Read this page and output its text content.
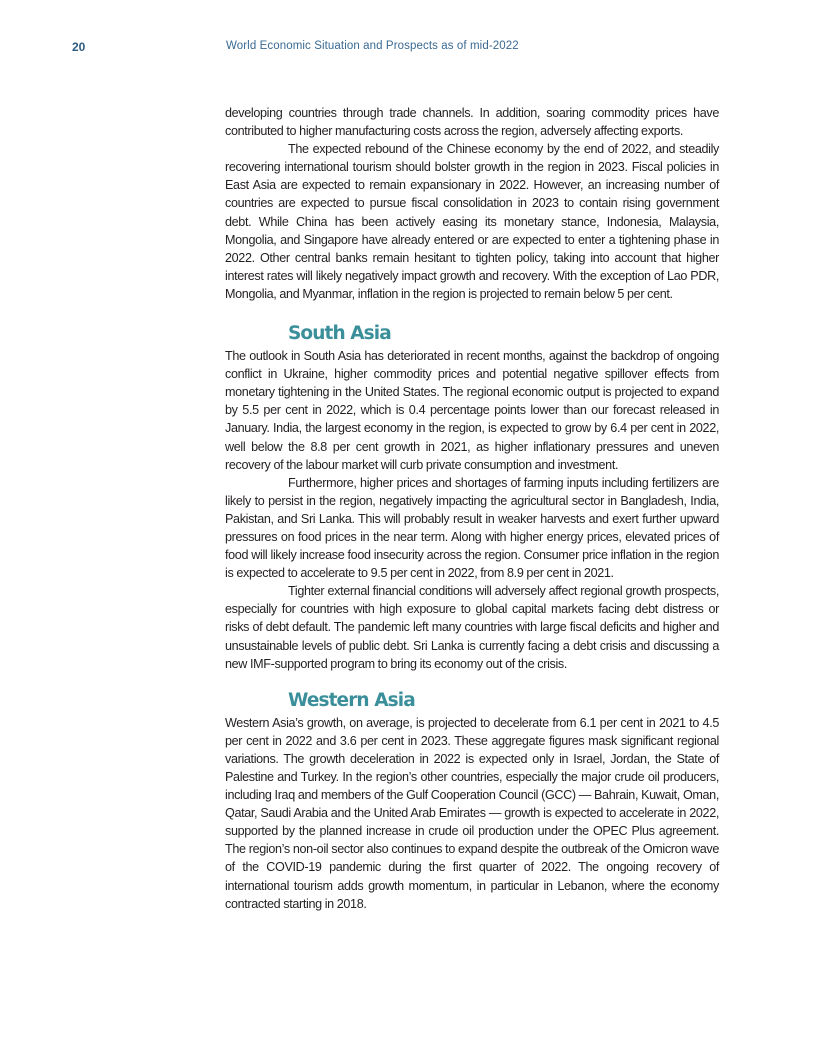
20	World Economic Situation and Prospects as of mid-2022

developing countries through trade channels. In addition, soaring commodity prices have contributed to higher manufacturing costs across the region, adversely affecting exports.

The expected rebound of the Chinese economy by the end of 2022, and steadily recovering international tourism should bolster growth in the region in 2023. Fiscal policies in East Asia are expected to remain expansionary in 2022. However, an increasing number of countries are expected to pursue fiscal consolidation in 2023 to contain rising government debt. While China has been actively easing its monetary stance, Indonesia, Malaysia, Mongolia, and Singapore have already entered or are expected to enter a tightening phase in 2022. Other central banks remain hesitant to tighten policy, taking into account that higher interest rates will likely negatively impact growth and recovery. With the exception of Lao PDR, Mongolia, and Myanmar, inflation in the region is projected to remain below 5 per cent.

South Asia

The outlook in South Asia has deteriorated in recent months, against the backdrop of ongoing conflict in Ukraine, higher commodity prices and potential negative spillover effects from monetary tightening in the United States. The regional economic output is projected to expand by 5.5 per cent in 2022, which is 0.4 percentage points lower than our forecast released in January. India, the largest economy in the region, is expected to grow by 6.4 per cent in 2022, well below the 8.8 per cent growth in 2021, as higher inflationary pressures and uneven recovery of the labour market will curb private consumption and investment.

Furthermore, higher prices and shortages of farming inputs including fertilizers are likely to persist in the region, negatively impacting the agricultural sector in Bangladesh, India, Pakistan, and Sri Lanka. This will probably result in weaker harvests and exert further upward pressures on food prices in the near term. Along with higher energy prices, elevated prices of food will likely increase food insecurity across the region. Consumer price inflation in the region is expected to accelerate to 9.5 per cent in 2022, from 8.9 per cent in 2021.

Tighter external financial conditions will adversely affect regional growth prospects, especially for countries with high exposure to global capital markets facing debt distress or risks of debt default. The pandemic left many countries with large fiscal deficits and higher and unsustainable levels of public debt. Sri Lanka is currently facing a debt crisis and discussing a new IMF-supported program to bring its economy out of the crisis.

Western Asia

Western Asia’s growth, on average, is projected to decelerate from 6.1 per cent in 2021 to 4.5 per cent in 2022 and 3.6 per cent in 2023. These aggregate figures mask significant regional variations. The growth deceleration in 2022 is expected only in Israel, Jordan, the State of Palestine and Turkey. In the region’s other countries, especially the major crude oil producers, including Iraq and members of the Gulf Cooperation Council (GCC) — Bahrain, Kuwait, Oman, Qatar, Saudi Arabia and the United Arab Emirates — growth is expected to accelerate in 2022, supported by the planned increase in crude oil production under the OPEC Plus agreement. The region’s non-oil sector also continues to expand despite the outbreak of the Omicron wave of the COVID-19 pandemic during the first quarter of 2022. The ongoing recovery of international tourism adds growth momentum, in particular in Lebanon, where the economy contracted starting in 2018.
